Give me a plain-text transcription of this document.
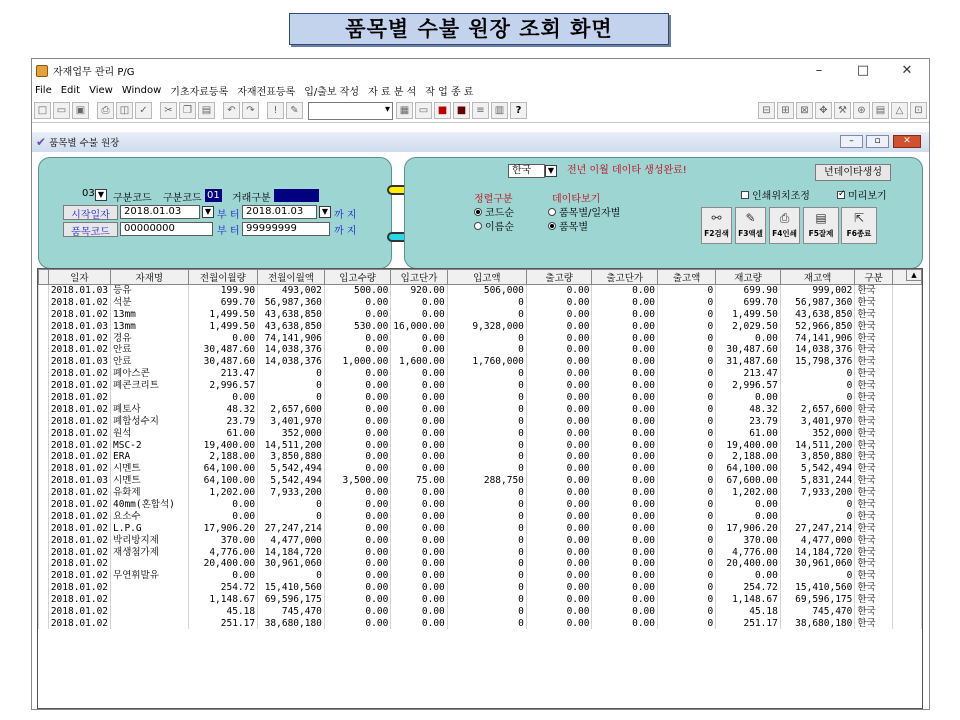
품목별 수불 원장 조회 화면
자재업무 관리 P/G	–	□	✕
File Edit View Window 기초자료등록 자재전표등록 입/출보 작성 자 료 분 석 작 업 종 료
□ ▭ ▣	⎙	◫	✓	✂	❐ ▤	↶	↷	!	✎ ▾	▦ ▭ ■ ■	≡	▥	?	⊟	⊞	⊠	✥	⚒	⊛	▤	△	⊡
✔ 품목별 수불 원장	–	▫	✕
03 ▼ 구분코드 구분코드 01 거래구분
시작일자	2018.01.03	▼ 부 터 2018.01.03	▼ 까 지
품목코드	00000000	부 터 99999999	까 지
한국	▼ 전년 이월 데이타 생성완료!	년데이타생성
정렬구분
코드순
이름순
데이타보기
품목별/일자별
품목별
인쇄위치조정 ✓	미리보기
⚯
F2검색
✎
F3액셀
⎙
F4인쇄
▤
F5잘제
⇱
F6종료
	일자	자재명	전월이월량	전월이월액	입고수량	입고단가	입고액	출고량	출고단가	출고액	재고량	재고액	구분	
	2018.01.03	등유	199.90	493,002	500.00	920.00	506,000	0.00	0.00	0	699.90	999,002	한국	
	2018.01.02	석분	699.70	56,987,360	0.00	0.00	0	0.00	0.00	0	699.70	56,987,360	한국	
	2018.01.02	13mm	1,499.50	43,638,850	0.00	0.00	0	0.00	0.00	0	1,499.50	43,638,850	한국	
	2018.01.03	13mm	1,499.50	43,638,850	530.00	16,000.00	9,328,000	0.00	0.00	0	2,029.50	52,966,850	한국	
	2018.01.02	경유	0.00	74,141,906	0.00	0.00	0	0.00	0.00	0	0.00	74,141,906	한국	
	2018.01.02	안료	30,487.60	14,038,376	0.00	0.00	0	0.00	0.00	0	30,487.60	14,038,376	한국	
	2018.01.03	안료	30,487.60	14,038,376	1,000.00	1,600.00	1,760,000	0.00	0.00	0	31,487.60	15,798,376	한국	
	2018.01.02	폐아스콘	213.47	0	0.00	0.00	0	0.00	0.00	0	213.47	0	한국	
	2018.01.02	폐콘크리트	2,996.57	0	0.00	0.00	0	0.00	0.00	0	2,996.57	0	한국	
	2018.01.02		0.00	0	0.00	0.00	0	0.00	0.00	0	0.00	0	한국	
	2018.01.02	폐토사	48.32	2,657,600	0.00	0.00	0	0.00	0.00	0	48.32	2,657,600	한국	
	2018.01.02	폐합성수지	23.79	3,401,970	0.00	0.00	0	0.00	0.00	0	23.79	3,401,970	한국	
	2018.01.02	원석	61.00	352,000	0.00	0.00	0	0.00	0.00	0	61.00	352,000	한국	
	2018.01.02	MSC-2	19,400.00	14,511,200	0.00	0.00	0	0.00	0.00	0	19,400.00	14,511,200	한국	
	2018.01.02	ERA	2,188.00	3,850,880	0.00	0.00	0	0.00	0.00	0	2,188.00	3,850,880	한국	
	2018.01.02	시멘트	64,100.00	5,542,494	0.00	0.00	0	0.00	0.00	0	64,100.00	5,542,494	한국	
	2018.01.03	시멘트	64,100.00	5,542,494	3,500.00	75.00	288,750	0.00	0.00	0	67,600.00	5,831,244	한국	
	2018.01.02	유화제	1,202.00	7,933,200	0.00	0.00	0	0.00	0.00	0	1,202.00	7,933,200	한국	
	2018.01.02	40mm(혼합석)	0.00	0	0.00	0.00	0	0.00	0.00	0	0.00	0	한국	
	2018.01.02	요소수	0.00	0	0.00	0.00	0	0.00	0.00	0	0.00	0	한국	
	2018.01.02	L.P.G	17,906.20	27,247,214	0.00	0.00	0	0.00	0.00	0	17,906.20	27,247,214	한국	
	2018.01.02	박리방지제	370.00	4,477,000	0.00	0.00	0	0.00	0.00	0	370.00	4,477,000	한국	
	2018.01.02	재생첨가제	4,776.00	14,184,720	0.00	0.00	0	0.00	0.00	0	4,776.00	14,184,720	한국	
	2018.01.02		20,400.00	30,961,060	0.00	0.00	0	0.00	0.00	0	20,400.00	30,961,060	한국	
	2018.01.02	무연휘발유	0.00	0	0.00	0.00	0	0.00	0.00	0	0.00	0	한국	
	2018.01.02		254.72	15,410,560	0.00	0.00	0	0.00	0.00	0	254.72	15,410,560	한국	
	2018.01.02		1,148.67	69,596,175	0.00	0.00	0	0.00	0.00	0	1,148.67	69,596,175	한국	
	2018.01.02		45.18	745,470	0.00	0.00	0	0.00	0.00	0	45.18	745,470	한국	
	2018.01.02		251.17	38,680,180	0.00	0.00	0	0.00	0.00	0	251.17	38,680,180	한국	
▲
